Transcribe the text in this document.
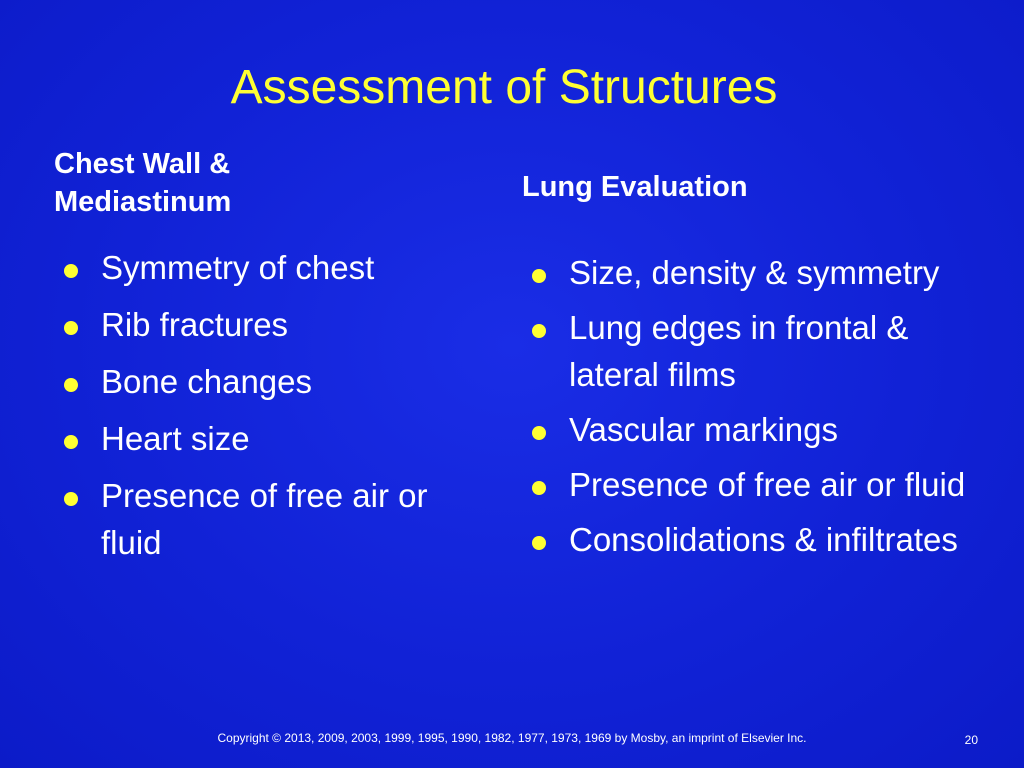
Assessment of Structures
Chest Wall & Mediastinum	Lung Evaluation
Symmetry of chest
Rib fractures
Bone changes
Heart size
Presence of free air or fluid
Size, density & symmetry
Lung edges in frontal & lateral films
Vascular markings
Presence of free air or fluid
Consolidations & infiltrates
Copyright © 2013, 2009, 2003, 1999, 1995, 1990, 1982, 1977, 1973, 1969 by Mosby, an imprint of Elsevier Inc.	20
